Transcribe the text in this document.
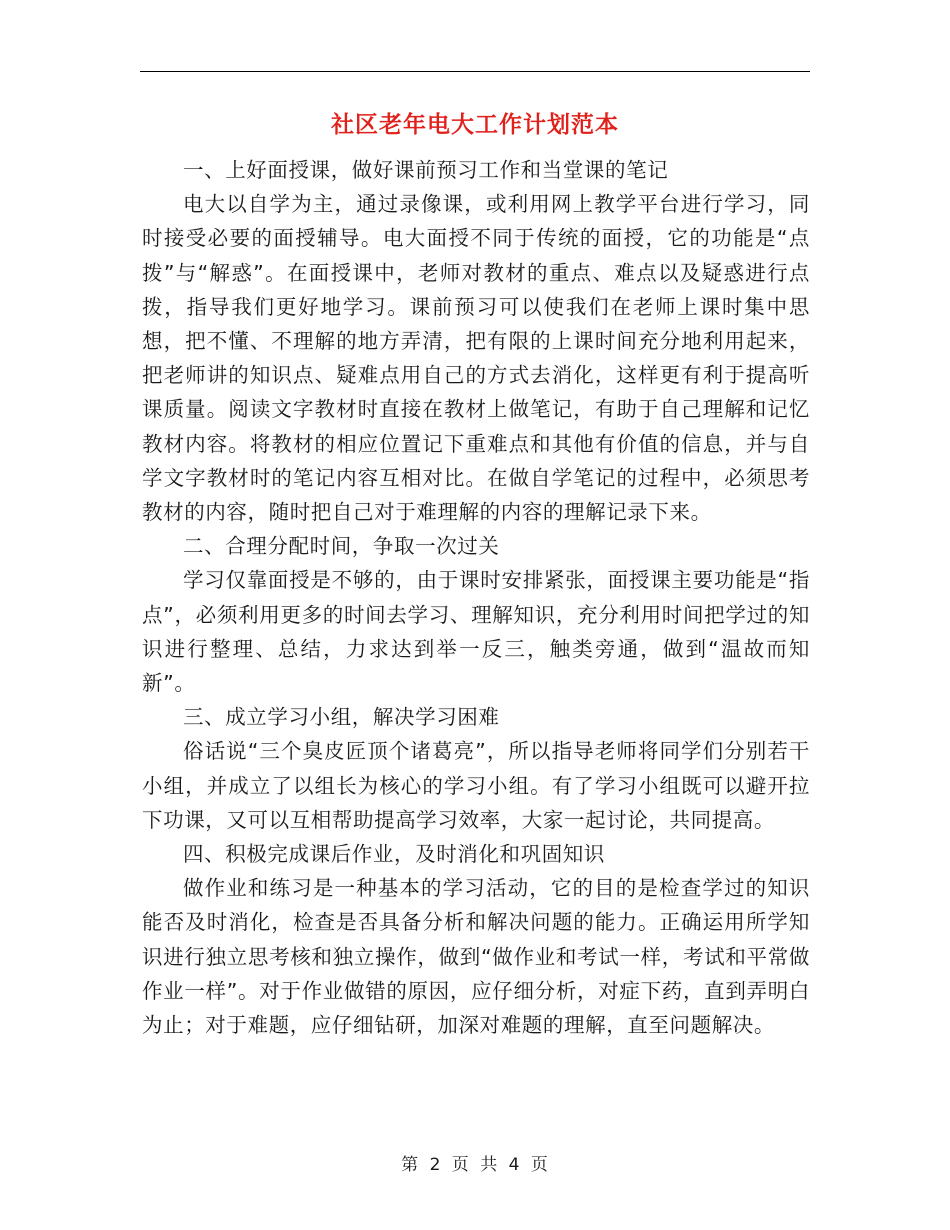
社区老年电大工作计划范本

一、上好面授课，做好课前预习工作和当堂课的笔记

电大以自学为主，通过录像课，或利用网上教学平台进行学习，同时接受必要的面授辅导。电大面授不同于传统的面授，它的功能是“点拨”与“解惑”。在面授课中，老师对教材的重点、难点以及疑惑进行点拨，指导我们更好地学习。课前预习可以使我们在老师上课时集中思想，把不懂、不理解的地方弄清，把有限的上课时间充分地利用起来，把老师讲的知识点、疑难点用自己的方式去消化，这样更有利于提高听课质量。阅读文字教材时直接在教材上做笔记，有助于自己理解和记忆教材内容。将教材的相应位置记下重难点和其他有价值的信息，并与自学文字教材时的笔记内容互相对比。在做自学笔记的过程中，必须思考教材的内容，随时把自己对于难理解的内容的理解记录下来。

二、合理分配时间，争取一次过关

学习仅靠面授是不够的，由于课时安排紧张，面授课主要功能是“指点”，必须利用更多的时间去学习、理解知识，充分利用时间把学过的知识进行整理、总结，力求达到举一反三，触类旁通，做到“温故而知新”。

三、成立学习小组，解决学习困难

俗话说“三个臭皮匠顶个诸葛亮”，所以指导老师将同学们分别若干小组，并成立了以组长为核心的学习小组。有了学习小组既可以避开拉下功课，又可以互相帮助提高学习效率，大家一起讨论，共同提高。

四、积极完成课后作业，及时消化和巩固知识

做作业和练习是一种基本的学习活动，它的目的是检查学过的知识能否及时消化，检查是否具备分析和解决问题的能力。正确运用所学知识进行独立思考核和独立操作，做到“做作业和考试一样，考试和平常做作业一样”。对于作业做错的原因，应仔细分析，对症下药，直到弄明白为止；对于难题，应仔细钻研，加深对难题的理解，直至问题解决。

第 2 页 共 4 页
